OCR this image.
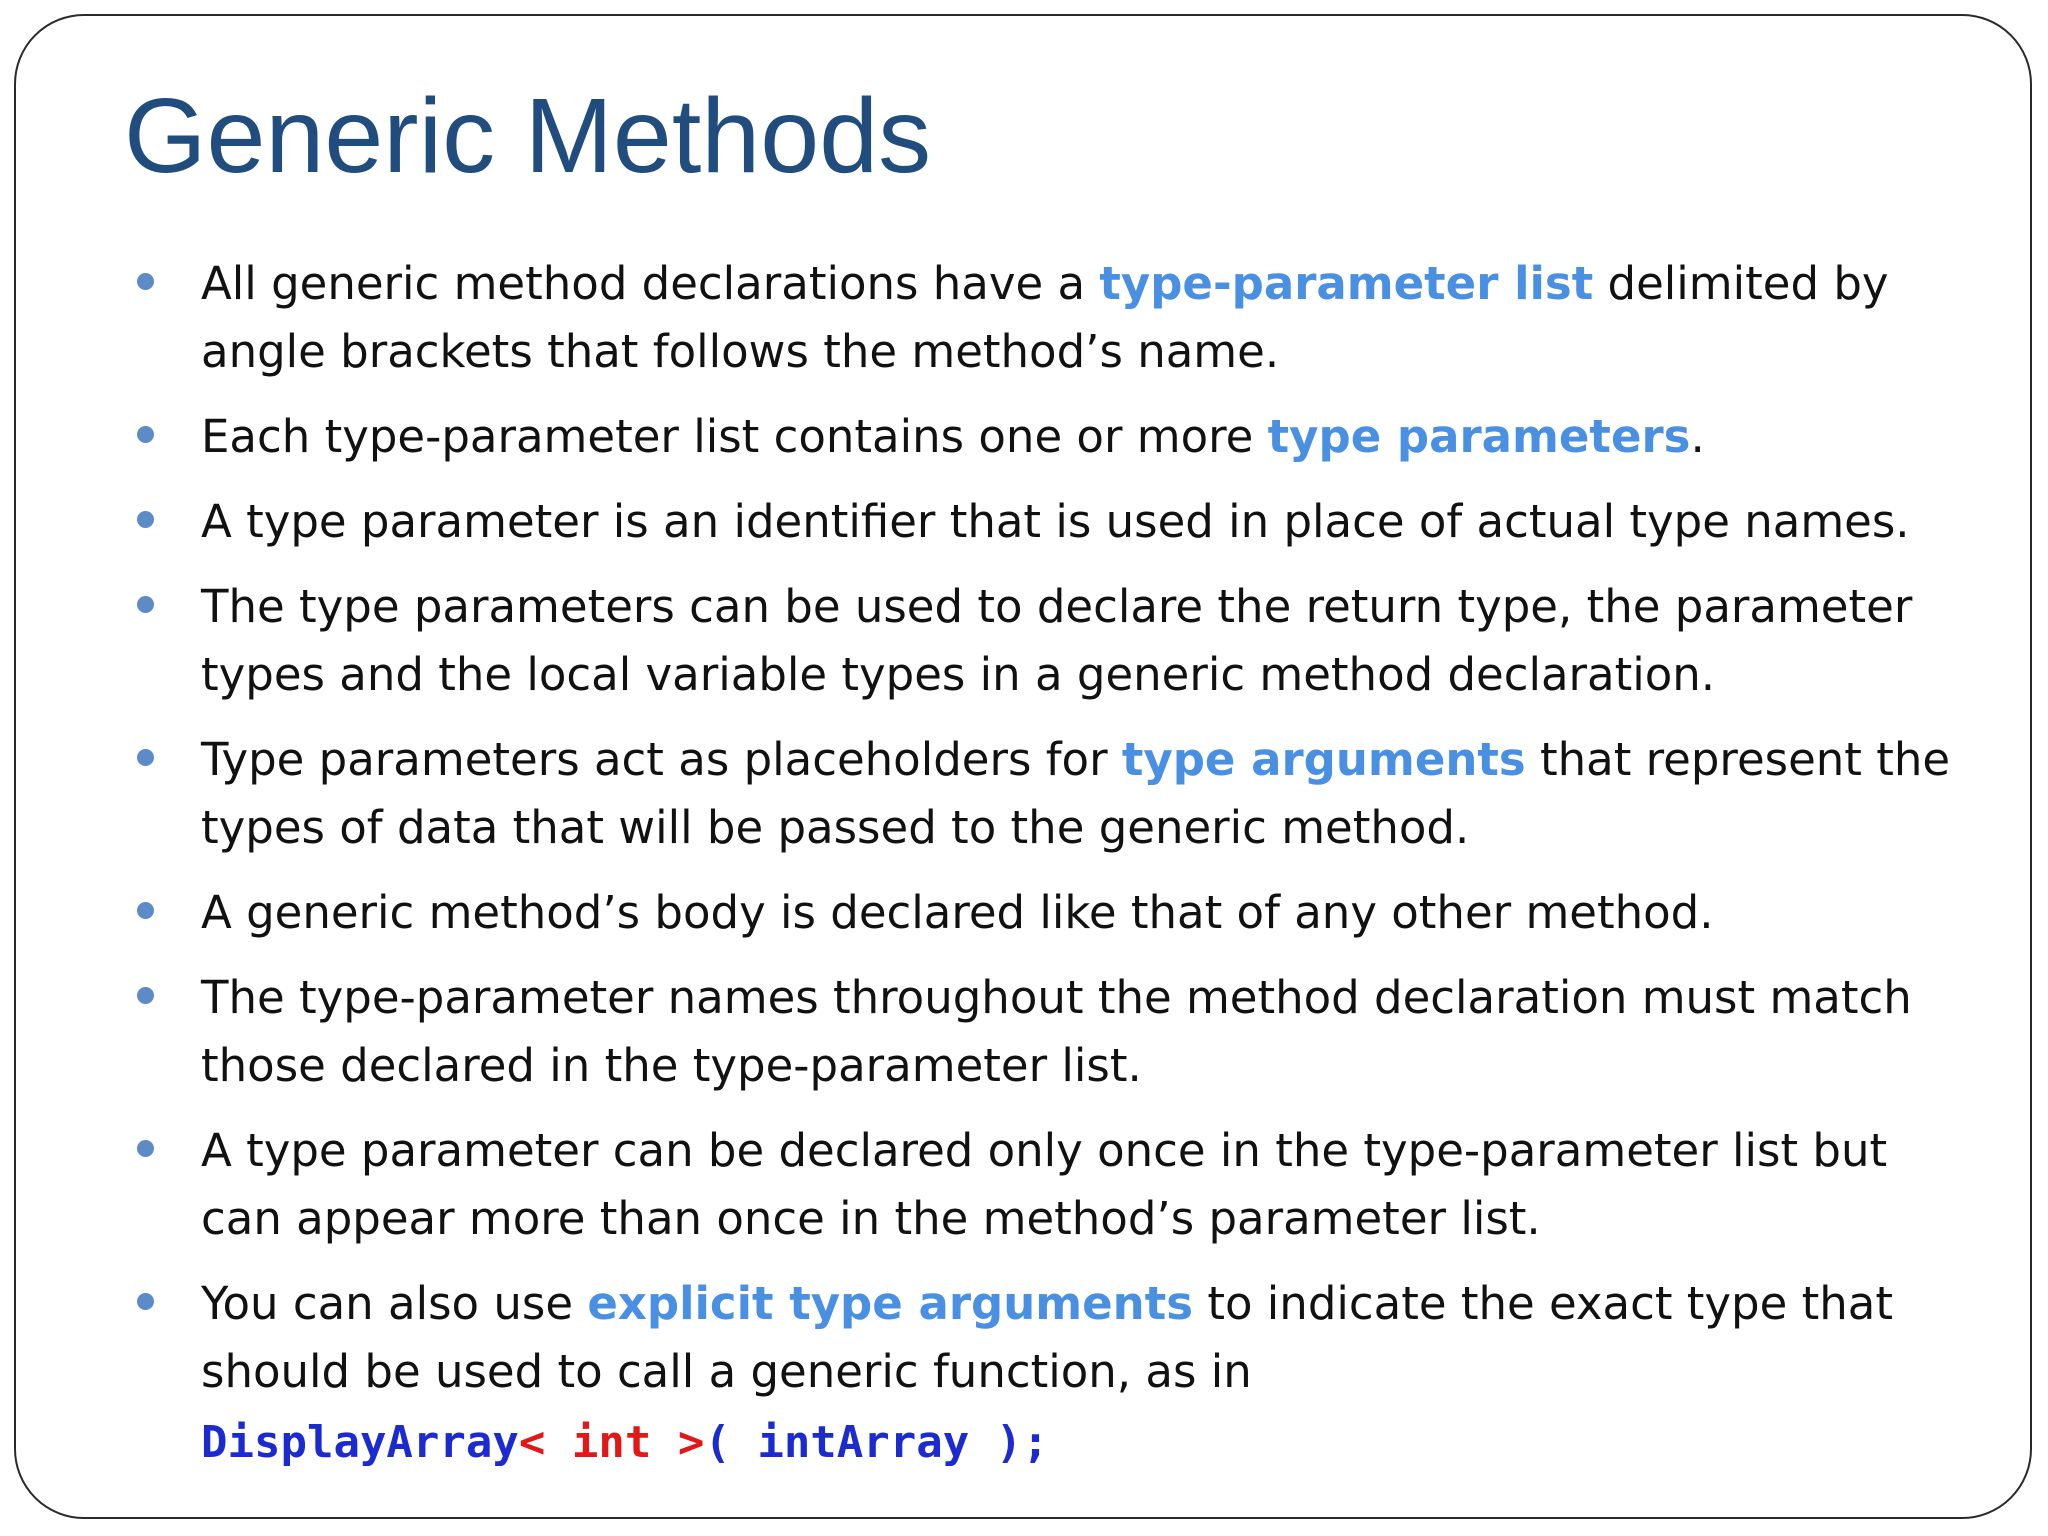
Generic Methods
All generic method declarations have a type-parameter list delimited by angle brackets that follows the method’s name.
Each type-parameter list contains one or more type parameters.
A type parameter is an identifier that is used in place of actual type names.
The type parameters can be used to declare the return type, the parameter types and the local variable types in a generic method declaration.
Type parameters act as placeholders for type arguments that represent the types of data that will be passed to the generic method.
A generic method’s body is declared like that of any other method.
The type-parameter names throughout the method declaration must match those declared in the type-parameter list.
A type parameter can be declared only once in the type-parameter list but can appear more than once in the method’s parameter list.
You can also use explicit type arguments to indicate the exact type that should be used to call a generic function, as in
DisplayArray< int >( intArray );
